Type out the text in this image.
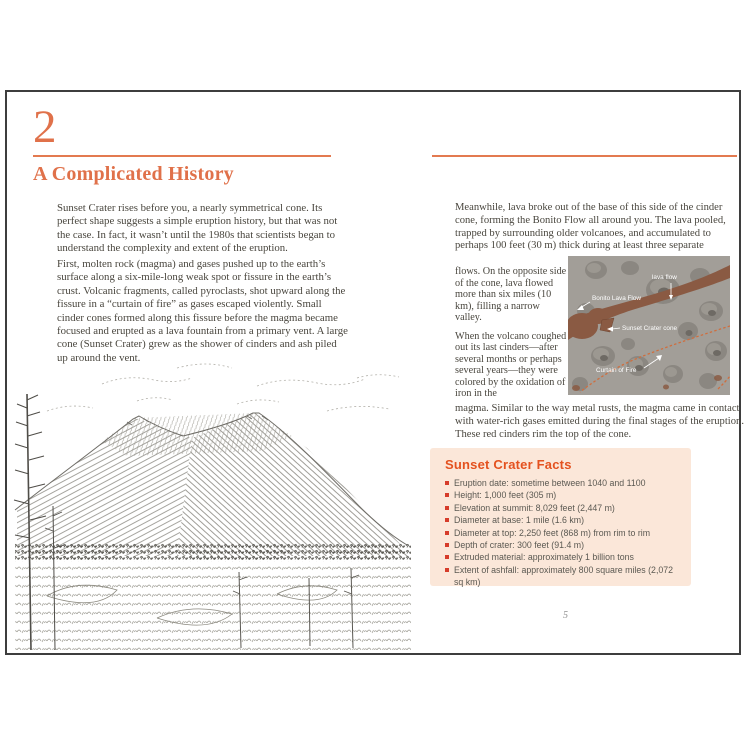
2
A Complicated History
Sunset Crater rises before you, a nearly symmetrical cone. Its perfect shape suggests a simple eruption history, but that was not the case. In fact, it wasn’t until the 1980s that scientists began to understand the complexity and extent of the eruption.
First, molten rock (magma) and gases pushed up to the earth’s surface along a six-mile-long weak spot or fissure in the earth’s crust. Volcanic fragments, called pyroclasts, shot upward along the fissure in a “curtain of fire” as gases escaped violently. Small cinder cones formed along this fissure before the magma became focused and erupted as a lava fountain from a primary vent. A large cone (Sunset Crater) grew as the shower of cinders and ash piled up around the vent.
Meanwhile, lava broke out of the base of this side of the cinder cone, forming the Bonito Flow all around you. The lava pooled, trapped by surrounding older volcanoes, and accumulated to perhaps 100 feet (30 m) thick during at least three separate
flows. On the opposite side of the cone, lava flowed more than six miles (10 km), filling a narrow valley.
When the volcano coughed out its last cinders—after several months or perhaps several years—they were colored by the oxidation of iron in the
lava flow
Bonito Lava Flow
Sunset Crater cone
Curtain of Fire
magma. Similar to the way metal rusts, the magma came in contact with water-rich gases emitted during the final stages of the eruption. These red cinders rim the top of the cone.
Sunset Crater Facts
Eruption date: sometime between 1040 and 1100
Height: 1,000 feet (305 m)
Elevation at summit: 8,029 feet (2,447 m)
Diameter at base: 1 mile (1.6 km)
Diameter at top: 2,250 feet (868 m) from rim to rim
Depth of crater: 300 feet (91.4 m)
Extruded material: approximately 1 billion tons
Extent of ashfall: approximately 800 square miles (2,072 sq km)
5
